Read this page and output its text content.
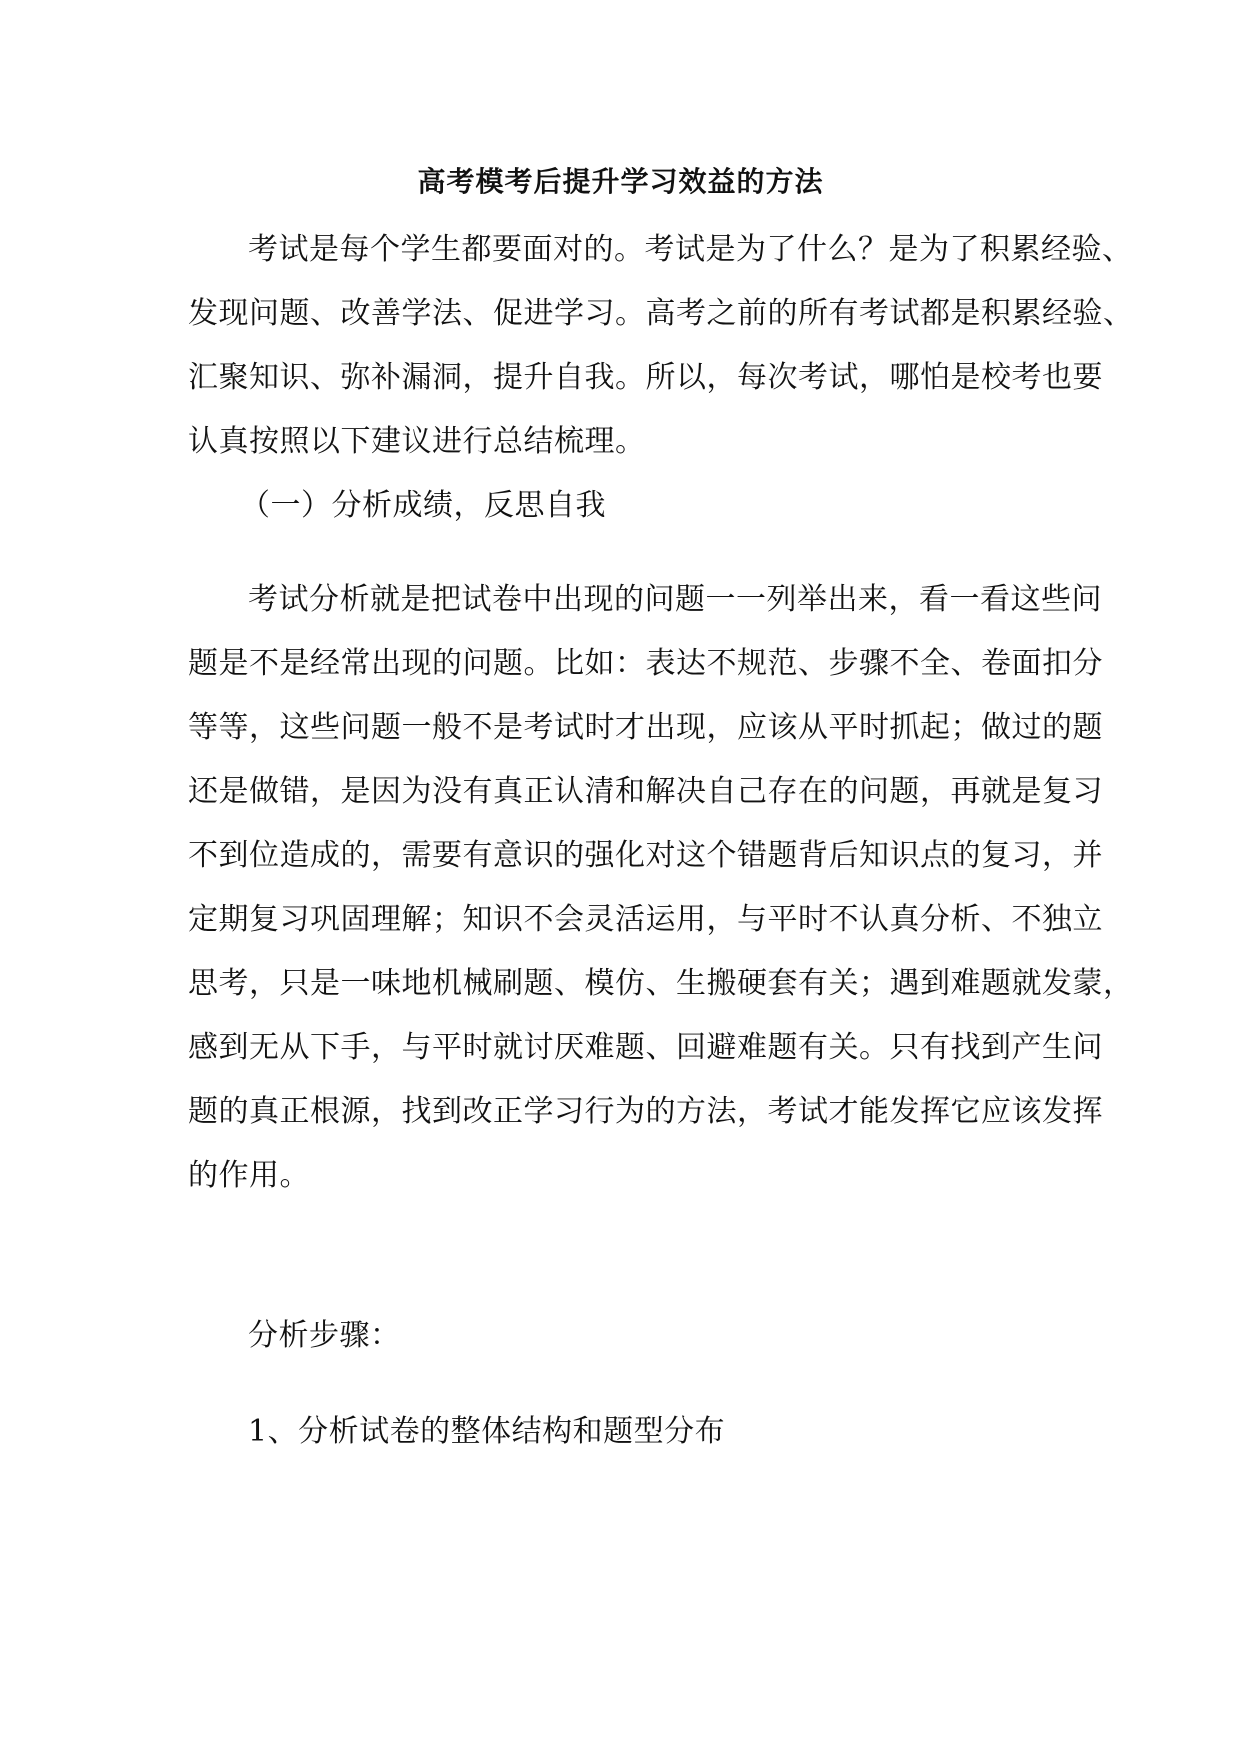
高考模考后提升学习效益的方法
考试是每个学生都要面对的。考试是为了什么？是为了积累经验、
发现问题、改善学法、促进学习。高考之前的所有考试都是积累经验、
汇聚知识、弥补漏洞，提升自我。所以，每次考试，哪怕是校考也要
认真按照以下建议进行总结梳理。
（一）分析成绩，反思自我
考试分析就是把试卷中出现的问题一一列举出来，看一看这些问
题是不是经常出现的问题。比如：表达不规范、步骤不全、卷面扣分
等等，这些问题一般不是考试时才出现，应该从平时抓起；做过的题
还是做错，是因为没有真正认清和解决自己存在的问题，再就是复习
不到位造成的，需要有意识的强化对这个错题背后知识点的复习，并
定期复习巩固理解；知识不会灵活运用，与平时不认真分析、不独立
思考，只是一味地机械刷题、模仿、生搬硬套有关；遇到难题就发蒙，
感到无从下手，与平时就讨厌难题、回避难题有关。只有找到产生问
题的真正根源，找到改正学习行为的方法，考试才能发挥它应该发挥
的作用。
分析步骤：
1、分析试卷的整体结构和题型分布
